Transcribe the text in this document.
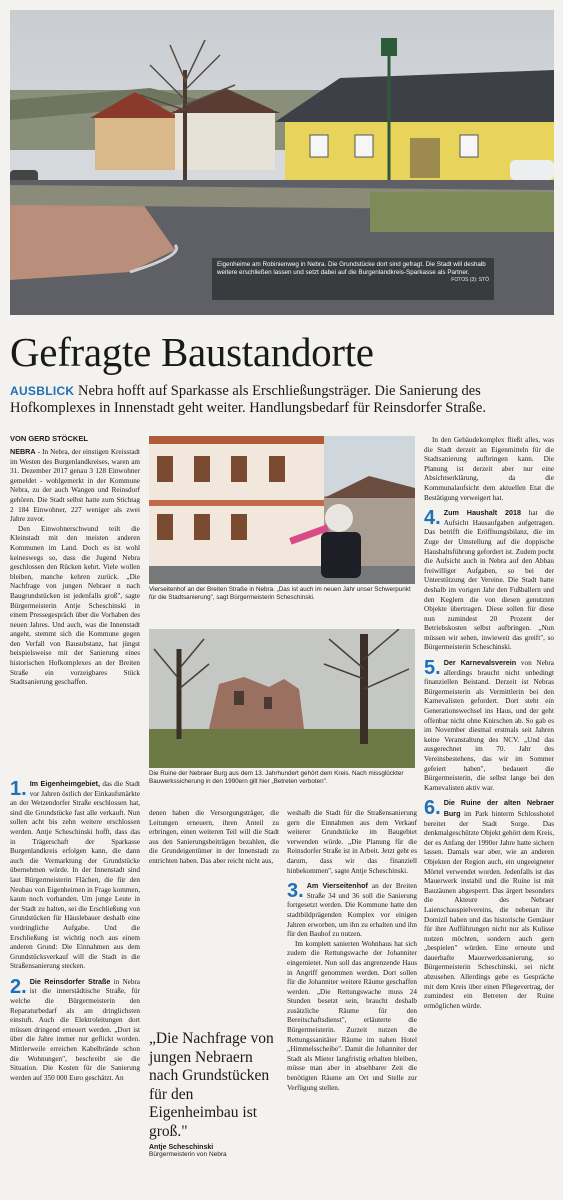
Eigenheime am Robinienweg in Nebra. Die Grundstücke dort sind gefragt. Die Stadt will deshalb weitere erschließen lassen und setzt dabei auf die Burgenlandkreis-Sparkasse als Partner.
FOTOS (3): STÖ
Gefragte Baustandorte
AUSBLICK Nebra hofft auf Sparkasse als Erschließungsträger. Die Sanierung des Hofkomplexes in Innenstadt geht weiter. Handlungsbedarf für Reinsdorfer Straße.
VON GERD STÖCKEL

NEBRA - In Nebra, der einstigen Kreisstadt im Westen des Burgenlandkreises, waren am 31. Dezember 2017 genau 3 128 Einwohner gemeldet - wohlgemerkt in der Kommune Nebra, zu der auch Wangen und Reinsdorf gehören. Die Stadt selbst hatte zum Stichtag 2 184 Einwohner, 227 weniger als zwei Jahre zuvor.

Den Einwohnerschwund teilt die Kleinstadt mit den meisten anderen Kommunen im Land. Doch es ist wohl keineswegs so, dass die Jugend Nebra geschlossen den Rücken kehrt. Viele wollen bleiben, manche kehren zurück. „Die Nachfrage von jungen Nebraer n nach Baugrundstücken ist jedenfalls groß", sagte Bürgermeisterin Antje Scheschinski in einem Pressegespräch über die Vorhaben des neuen Jahres. Und auch, was die Innenstadt angeht, stemmt sich die Kommune gegen den Verfall von Bausubstanz, hat jüngst beispielsweise mit der Sanierung eines historischen Hofkomplexes an der Breiten Straße ein vorzeigbares Stück Stadtsanierung geschaffen.

Vierseitenhof an der Breiten Straße in Nebra. „Das ist auch im neuen Jahr unser Schwerpunkt für die Stadtsanierung", sagt Bürgermeisterin Scheschinski.
Die Ruine der Nebraer Burg aus dem 13. Jahrhundert gehört dem Kreis. Nach missglückter Bauwerkssicherung in den 1990ern gilt hier „Betreten verboten".

1. Im Eigenheimgebiet, das die Stadt vor Jahren östlich der Einkaufsmärkte an der Wetzendorfer Straße erschlossen hat, sind die Grundstücke fast alle verkauft. Nun sollen acht bis zehn weitere erschlossen werden. Antje Scheschinski hofft, dass das in Trägerschaft der Sparkasse Burgenlandkreis erfolgen kann, die dann auch die Vermarktung der Grundstücke übernehmen würde. In der Innenstadt sind laut Bürgermeisterin Flächen, die für den Neubau von Eigenheimen in Frage kommen, kaum noch vorhanden. Um junge Leute in der Stadt zu halten, sei die Erschließung von Grundstücken für Häuslebauer deshalb eine vordringliche Aufgabe. Und die Erschließung ist wichtig noch aus einem anderen Grund: Die Einnahmen aus dem Grundstücksverkauf will die Stadt in die Straßensanierung stecken.

2. Die Reinsdorfer Straße in Nebra ist die innerstädtische Straße, für welche die Bürgermeisterin den Reparaturbedarf als am dringlichsten einstuft. Auch die Elektroleitungen dort müssen dringend erneuert werden. „Dort ist über die Jahre immer nur geflickt worden. Mittlerweile erreichen Kabelbrände schon die Wohnungen", beschreibt sie die Situation. Die Kosten für die Sanierung werden auf 350 000 Euro geschätzt. An

denen haben die Versorgungsträger, die Leitungen erneuern, ihren Anteil zu erbringen, einen weiteren Teil will die Stadt aus den Sanierungsbeiträgen bezahlen, die die Grundeigentümer in der Innenstadt zu entrichten haben. Das aber reicht nicht aus,

„Die Nachfrage von jungen Nebraern nach Grundstücken für den Eigenheimbau ist groß."
Antje Scheschinski
Bürgermeisterin von Nebra

weshalb die Stadt für die Straßensanierung gern die Einnahmen aus dem Verkauf weiterer Grundstücke im Baugebiet verwenden würde. „Die Planung für die Reinsdorfer Straße ist in Arbeit. Jetzt geht es darum, dass wir das finanziell hinbekommen", sagte Antje Scheschinski.

3. Am Vierseitenhof an der Breiten Straße 34 und 36 soll die Sanierung fortgesetzt werden. Die Kommune hatte den stadtbildprägenden Komplex vor einigen Jahren erworben, um ihn zu erhalten und ihn für den Bauhof zu nutzen.

Im komplett sanierten Wohnhaus hat sich zudem die Rettungswache der Johanniter eingemietet. Nun soll das angrenzende Haus in Angriff genommen werden. Dort sollen für die Johanniter weitere Räume geschaffen werden. „Die Rettungswache muss 24 Stunden besetzt sein, braucht deshalb zusätzliche Räume für den Bereitschaftsdienst", erläuterte die Bürgermeisterin. Zurzeit nutzen die Rettungssanitäter Räume im nahen Hotel „Himmelsscheibe". Damit die Johanniter der Stadt als Mieter langfristig erhalten bleiben, müsse man aber in absehbarer Zeit die benötigten Räume am Ort und Stelle zur Verfügung stellen.

In den Gebäudekomplex fließt alles, was die Stadt derzeit an Eigenmitteln für die Stadtsanierung aufbringen kann. Die Planung ist derzeit aber nur eine Absichtserklärung, da die Kommunalaufsicht dem aktuellen Etat die Bestätigung verweigert hat.

4. Zum Haushalt 2018 hat die Aufsicht Hausaufgaben aufgetragen. Das betrifft die Eröffnungsbilanz, die im Zuge der Umstellung auf die doppische Haushaltsführung gefordert ist. Zudem pocht die Aufsicht auch in Nebra auf den Abbau freiwilliger Aufgaben, so bei der Unterstützung der Vereine. Die Stadt hatte deshalb im vorigen Jahr den Fußballern und den Keglern die von diesen genutzten Objekte übertragen. Diese sollen für diese nun zumindest 20 Prozent der Betriebskosten selbst aufbringen. „Nun müssen wir sehen, inwieweit das greift", so Bürgermeisterin Scheschinski.

5. Der Karnevalsverein von Nebra allerdings braucht nicht unbedingt finanziellen Beistand. Derzeit ist Nebras Bürgermeisterin als Vermittlerin bei den Karnevalisten gefordert. Dort steht ein Generationswechsel ins Haus, und der geht offenbar nicht ohne Knirschen ab. So gab es im November diesmal erstmals seit Jahren keine Veranstaltung des NCV. „Und das ausgerechnet im 70. Jahr des Vereinsbestehens, das wir im Sommer gefeiert haben", bedauert die Bürgermeisterin, die selbst lange bei den Karnevalisten aktiv war.

6. Die Ruine der alten Nebraer Burg im Park hinterm Schlosshotel bereitet der Stadt Sorge. Das denkmalgeschützte Objekt gehört dem Kreis, der es Anfang der 1990er Jahre hatte sichern lassen. Damals war aber, wie an anderen Objekten der Region auch, ein ungeeigneter Mörtel verwendet worden. Jedenfalls ist das Mauerwerk instabil und die Ruine ist mit Bauzäunen abgesperrt. Das ärgert besonders die Akteure des Nebraer Laienschauspielvereins, die nebenan ihr Domizil haben und das historische Gemäuer für ihre Aufführungen nicht nur als Kulisse nutzen möchten, sondern auch gern „bespielen" würden. Eine erneute und dauerhafte Mauerwerkssanierung, so Bürgermeisterin Scheschinski, sei nicht abzusehen. Allerdings gebe es Gespräche mit dem Kreis über einen Pflegevertrag, der zumindest ein Betreten der Ruine ermöglichen würde.
